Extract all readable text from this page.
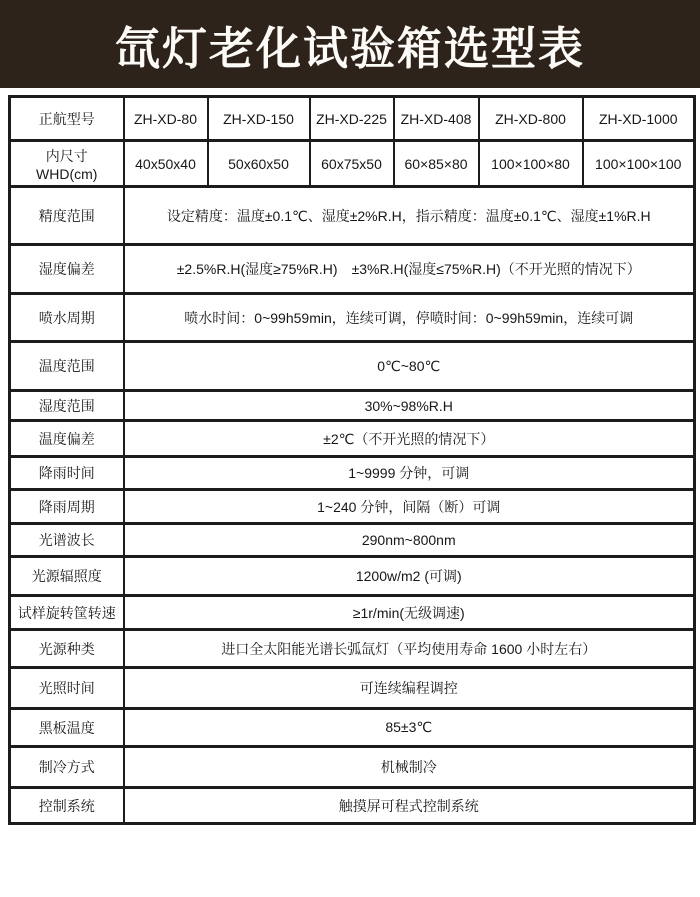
氙灯老化试验箱选型表
正航型号	ZH-XD-80	ZH-XD-150	ZH-XD-225	ZH-XD-408	ZH-XD-800	ZH-XD-1000
内尺寸 WHD(cm)	40x50x40	50x60x50	60x75x50	60×85×80	100×100×80	100×100×100
精度范围	设定精度：温度±0.1℃、湿度±2%R.H，指示精度：温度±0.1℃、湿度±1%R.H					
湿度偏差	±2.5%R.H(湿度≥75%R.H)　±3%R.H(湿度≤75%R.H)（不开光照的情况下）					
喷水周期	喷水时间：0~99h59min，连续可调，停喷时间：0~99h59min，连续可调					
温度范围	0℃~80℃					
湿度范围	30%~98%R.H					
温度偏差	±2℃（不开光照的情况下）					
降雨时间	1~9999 分钟，可调					
降雨周期	1~240 分钟，间隔（断）可调					
光谱波长	290nm~800nm					
光源辐照度	1200w/m2 (可调)					
试样旋转筐转速	≥1r/min(无级调速)					
光源种类	进口全太阳能光谱长弧氙灯（平均使用寿命 1600 小时左右）					
光照时间	可连续编程调控					
黑板温度	85±3℃					
制冷方式	机械制冷					
控制系统	触摸屏可程式控制系统					
